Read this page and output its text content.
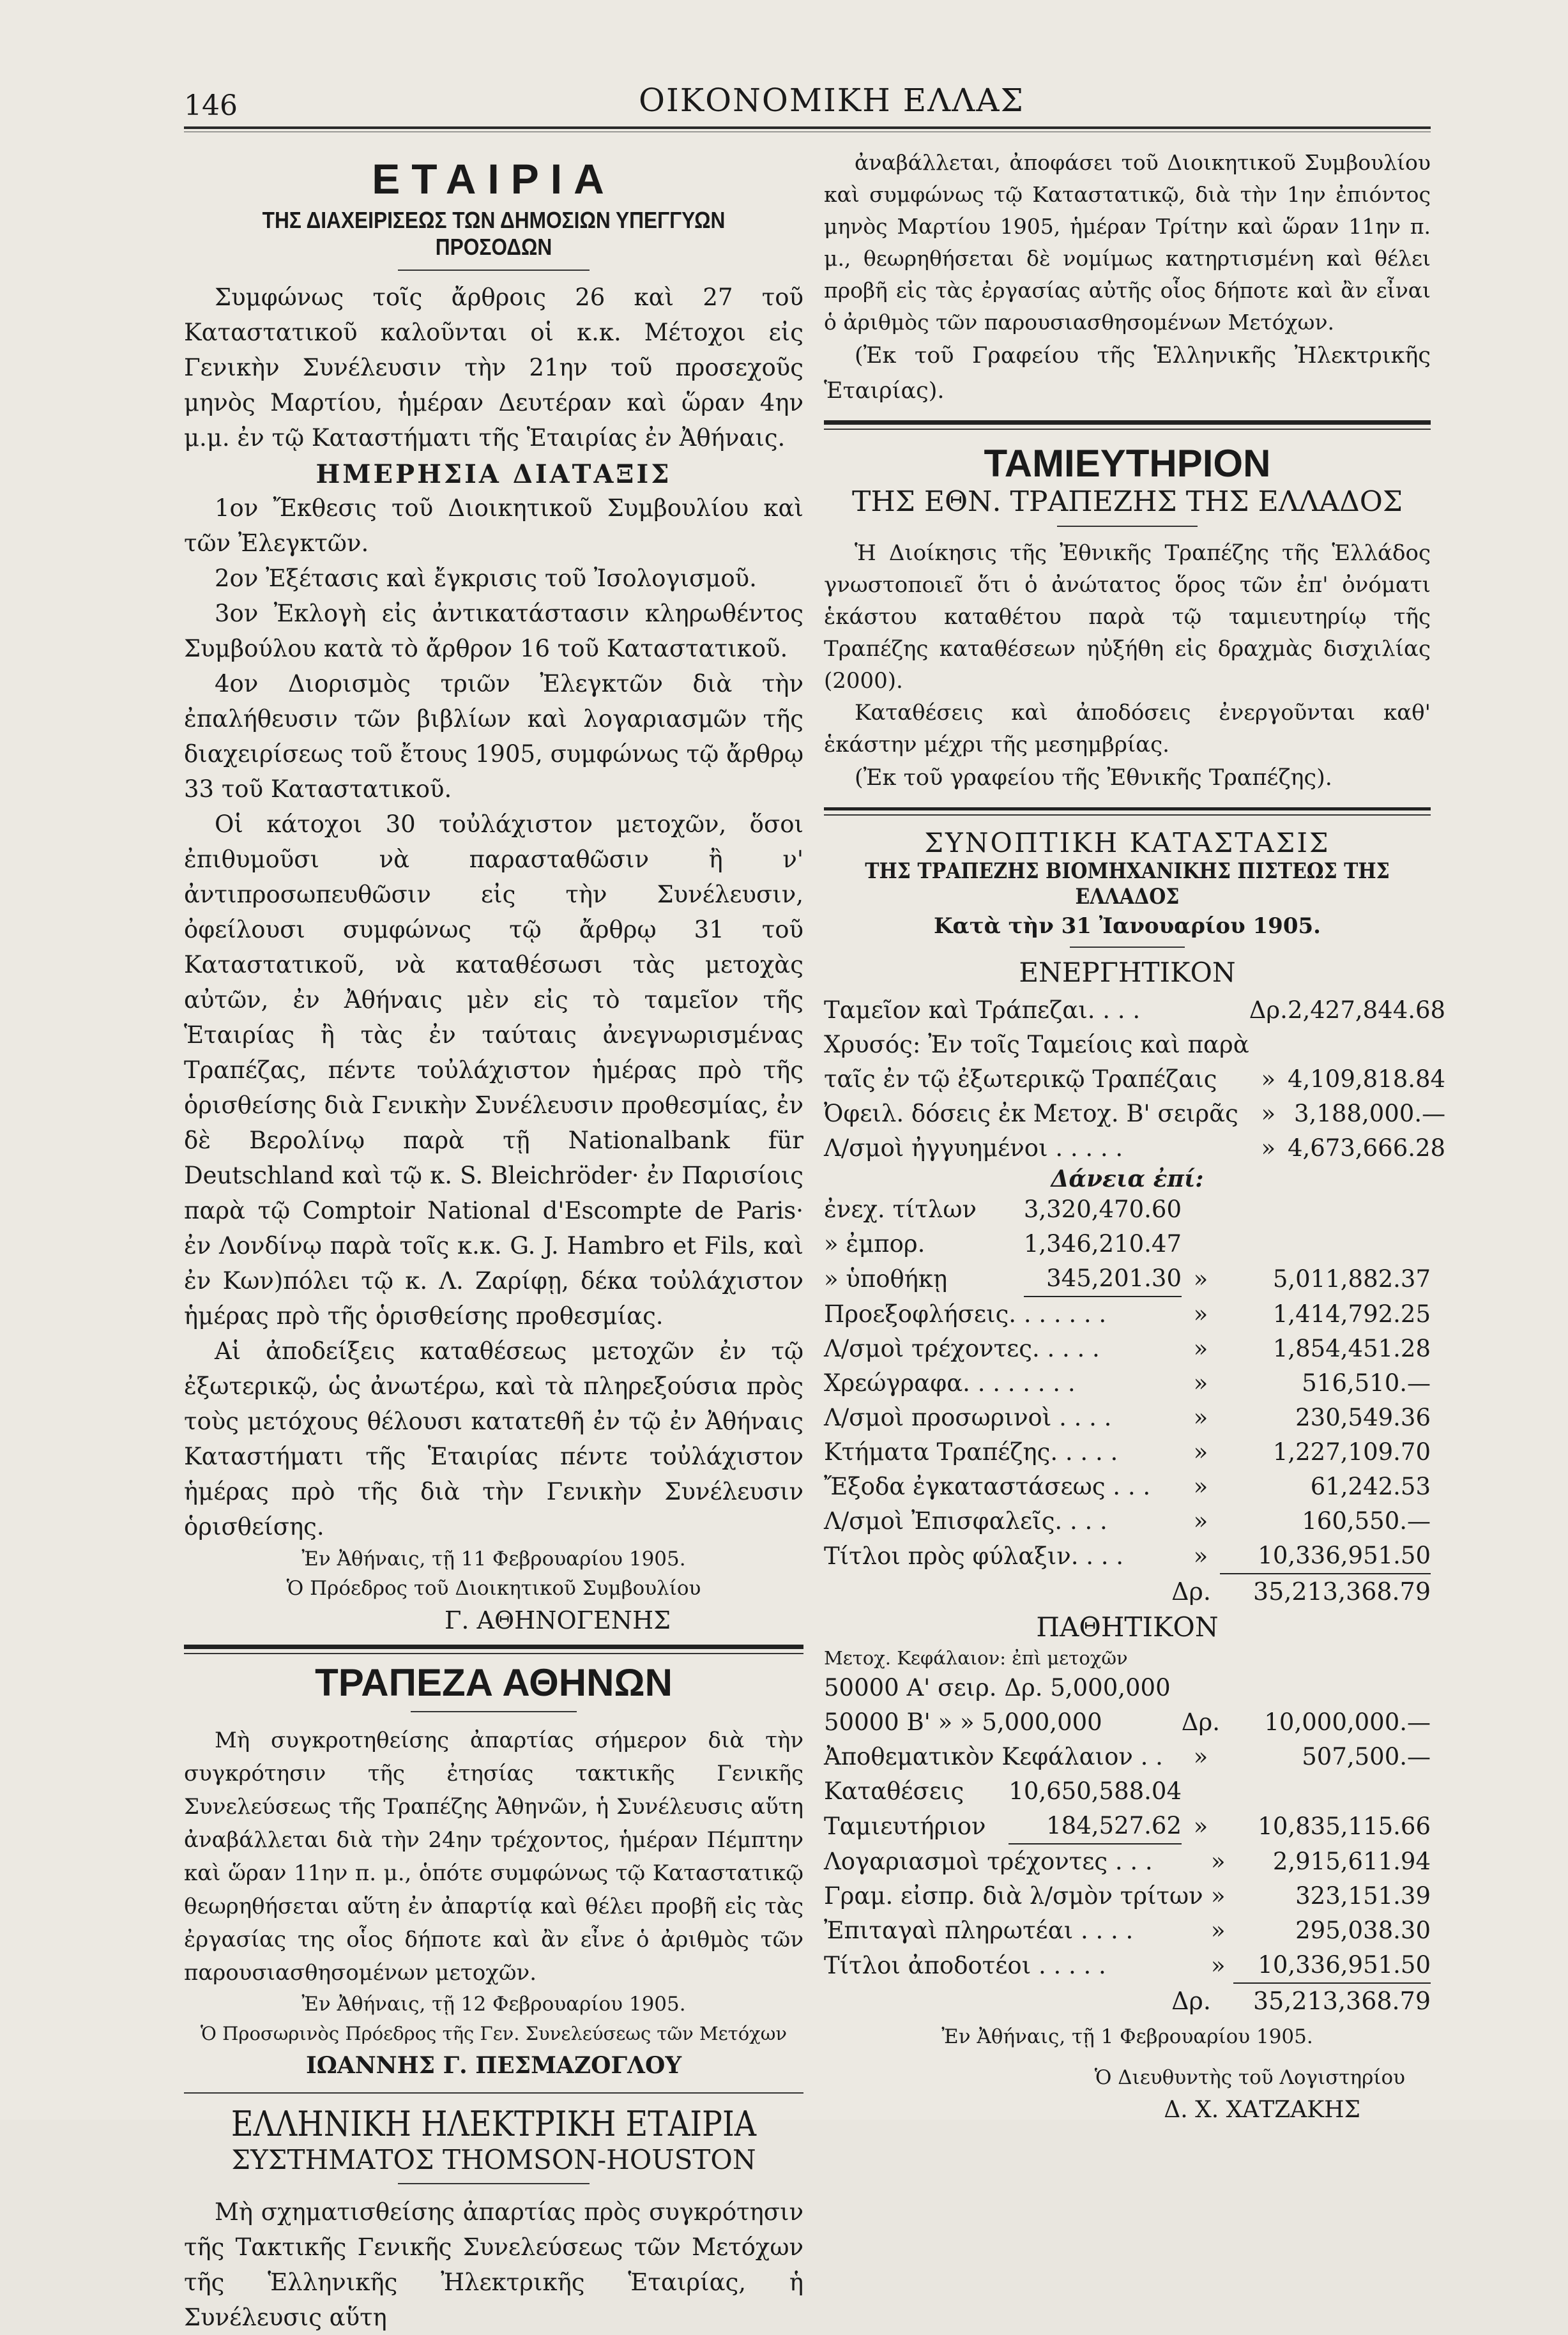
146	ΟΙΚΟΝΟΜΙΚΗ ΕΛΛΑΣ
ΕΤΑΙΡΙΑ
ΤΗΣ ΔΙΑΧΕΙΡΙΣΕΩΣ ΤΩΝ ΔΗΜΟΣΙΩΝ ΥΠΕΓΓΥΩΝ ΠΡΟΣΟΔΩΝ

Συμφώνως τοῖς ἄρθροις 26 καὶ 27 τοῦ Καταστατικοῦ καλοῦνται οἱ κ.κ. Μέτοχοι εἰς Γενικὴν Συνέλευσιν τὴν 21ην τοῦ προσεχοῦς μηνὸς Μαρτίου, ἡμέραν Δευτέραν καὶ ὥραν 4ην μ.μ. ἐν τῷ Καταστήματι τῆς Ἑταιρίας ἐν Ἀθήναις.

ΗΜΕΡΗΣΙΑ ΔΙΑΤΑΞΙΣ

1ον Ἔκθεσις τοῦ Διοικητικοῦ Συμβουλίου καὶ τῶν Ἐλεγκτῶν.

2ον Ἐξέτασις καὶ ἔγκρισις τοῦ Ἰσολογισμοῦ.

3ον Ἐκλογὴ εἰς ἀντικατάστασιν κληρωθέντος Συμβούλου κατὰ τὸ ἄρθρον 16 τοῦ Καταστατικοῦ.

4ον Διορισμὸς τριῶν Ἐλεγκτῶν διὰ τὴν ἐπαλήθευσιν τῶν βιβλίων καὶ λογαριασμῶν τῆς διαχειρίσεως τοῦ ἔτους 1905, συμφώνως τῷ ἄρθρῳ 33 τοῦ Καταστατικοῦ.

Οἱ κάτοχοι 30 τοὐλάχιστον μετοχῶν, ὅσοι ἐπιθυμοῦσι νὰ παρασταθῶσιν ἢ ν' ἀντιπροσωπευθῶσιν εἰς τὴν Συνέλευσιν, ὀφείλουσι συμφώνως τῷ ἄρθρῳ 31 τοῦ Καταστατικοῦ, νὰ καταθέσωσι τὰς μετοχὰς αὐτῶν, ἐν Ἀθήναις μὲν εἰς τὸ ταμεῖον τῆς Ἑταιρίας ἢ τὰς ἐν ταύταις ἀνεγνωρισμένας Τραπέζας, πέντε τοὐλάχιστον ἡμέρας πρὸ τῆς ὁρισθείσης διὰ Γενικὴν Συνέλευσιν προθεσμίας, ἐν δὲ Βερολίνῳ παρὰ τῇ Nationalbank für Deutschland καὶ τῷ κ. S. Bleichröder· ἐν Παρισίοις παρὰ τῷ Comptoir National d'Escompte de Paris· ἐν Λονδίνῳ παρὰ τοῖς κ.κ. G. J. Hambro et Fils, καὶ ἐν Κων)πόλει τῷ κ. Λ. Ζαρίφῃ, δέκα τοὐλάχιστον ἡμέρας πρὸ τῆς ὁρισθείσης προθεσμίας.

Αἱ ἀποδείξεις καταθέσεως μετοχῶν ἐν τῷ ἐξωτερικῷ, ὡς ἀνωτέρω, καὶ τὰ πληρεξούσια πρὸς τοὺς μετόχους θέλουσι κατατεθῆ ἐν τῷ ἐν Ἀθήναις Καταστήματι τῆς Ἑταιρίας πέντε τοὐλάχιστον ἡμέρας πρὸ τῆς διὰ τὴν Γενικὴν Συνέλευσιν ὁρισθείσης.

Ἐν Ἀθήναις, τῇ 11 Φεβρουαρίου 1905.

Ὁ Πρόεδρος τοῦ Διοικητικοῦ Συμβουλίου

Γ. ΑΘΗΝΟΓΕΝΗΣ

ΤΡΑΠΕΖΑ ΑΘΗΝΩΝ

Μὴ συγκροτηθείσης ἀπαρτίας σήμερον διὰ τὴν συγκρότησιν τῆς ἐτησίας τακτικῆς Γενικῆς Συνελεύσεως τῆς Τραπέζης Ἀθηνῶν, ἡ Συνέλευσις αὕτη ἀναβάλλεται διὰ τὴν 24ην τρέχοντος, ἡμέραν Πέμπτην καὶ ὥραν 11ην π. μ., ὁπότε συμφώνως τῷ Καταστατικῷ θεωρηθήσεται αὕτη ἐν ἀπαρτίᾳ καὶ θέλει προβῆ εἰς τὰς ἐργασίας της οἷος δήποτε καὶ ἂν εἶνε ὁ ἀριθμὸς τῶν παρουσιασθησομένων μετοχῶν.

Ἐν Ἀθήναις, τῇ 12 Φεβρουαρίου 1905.

Ὁ Προσωρινὸς Πρόεδρος τῆς Γεν. Συνελεύσεως τῶν Μετόχων

ΙΩΑΝΝΗΣ Γ. ΠΕΣΜΑΖΟΓΛΟΥ

ΕΛΛΗΝΙΚΗ ΗΛΕΚΤΡΙΚΗ ΕΤΑΙΡΙΑ
ΣΥΣΤΗΜΑΤΟΣ THOMSON-HOUSTON

Μὴ σχηματισθείσης ἀπαρτίας πρὸς συγκρότησιν τῆς Τακτικῆς Γενικῆς Συνελεύσεως τῶν Μετόχων τῆς Ἑλληνικῆς Ἠλεκτρικῆς Ἑταιρίας, ἡ Συνέλευσις αὕτη

ἀναβάλλεται, ἀποφάσει τοῦ Διοικητικοῦ Συμβουλίου καὶ συμφώνως τῷ Καταστατικῷ, διὰ τὴν 1ην ἐπιόντος μηνὸς Μαρτίου 1905, ἡμέραν Τρίτην καὶ ὥραν 11ην π. μ., θεωρηθήσεται δὲ νομίμως κατηρτισμένη καὶ θέλει προβῆ εἰς τὰς ἐργασίας αὐτῆς οἷος δήποτε καὶ ἂν εἶναι ὁ ἀριθμὸς τῶν παρουσιασθησομένων Μετόχων.

(Ἐκ τοῦ Γραφείου τῆς Ἑλληνικῆς Ἠλεκτρικῆς Ἑταιρίας).

ΤΑΜΙΕΥΤΗΡΙΟΝ
ΤΗΣ ΕΘΝ. ΤΡΑΠΕΖΗΣ ΤΗΣ ΕΛΛΑΔΟΣ

Ἡ Διοίκησις τῆς Ἐθνικῆς Τραπέζης τῆς Ἑλλάδος γνωστοποιεῖ ὅτι ὁ ἀνώτατος ὅρος τῶν ἐπ' ὀνόματι ἑκάστου καταθέτου παρὰ τῷ ταμιευτηρίῳ τῆς Τραπέζης καταθέσεων ηὐξήθη εἰς δραχμὰς δισχιλίας (2000).

Καταθέσεις καὶ ἀποδόσεις ἐνεργοῦνται καθ' ἑκάστην μέχρι τῆς μεσημβρίας.

(Ἐκ τοῦ γραφείου τῆς Ἐθνικῆς Τραπέζης).

ΣΥΝΟΠΤΙΚΗ ΚΑΤΑΣΤΑΣΙΣ
ΤΗΣ ΤΡΑΠΕΖΗΣ ΒΙΟΜΗΧΑΝΙΚΗΣ ΠΙΣΤΕΩΣ ΤΗΣ ΕΛΛΑΔΟΣ
Κατὰ τὴν 31 Ἰανουαρίου 1905.
ΕΝΕΡΓΗΤΙΚΟΝ
Ταμεῖον καὶ Τράπεζαι. . . .	Δρ.	2,427,844.68
Χρυσός: Ἐν τοῖς Ταμείοις καὶ παρὰ		
ταῖς ἐν τῷ ἐξωτερικῷ Τραπέζαις	»	4,109,818.84
Ὀφειλ. δόσεις ἐκ Μετοχ. Β' σειρᾶς	»	3,188,000.—
Λ/σμοὶ ἠγγυημένοι . . . . .	»	4,673,666.28
Δάνεια ἐπί:
ἐνεχ. τίτλων	3,320,470.60		
» ἐμπορ.	1,346,210.47		
» ὑποθήκῃ	345,201.30	»	5,011,882.37
Προεξοφλήσεις. . . . . . .	»	1,414,792.25
Λ/σμοὶ τρέχοντες. . . . .	»	1,854,451.28
Χρεώγραφα. . . . . . . .	»	516,510.—
Λ/σμοὶ προσωρινοὶ . . . .	»	230,549.36
Κτήματα Τραπέζης. . . . .	»	1,227,109.70
Ἔξοδα ἐγκαταστάσεως . . .	»	61,242.53
Λ/σμοὶ Ἐπισφαλεῖς. . . .	»	160,550.—
Τίτλοι πρὸς φύλαξιν. . . .	»	10,336,951.50
	Δρ.	35,213,368.79
ΠΑΘΗΤΙΚΟΝ

Μετοχ. Κεφάλαιον: ἐπὶ μετοχῶν

50000 Α' σειρ. Δρ. 5,000,000		
50000 Β' » » 5,000,000	Δρ.	10,000,000.—
Ἀποθεματικὸν Κεφάλαιον . .	»	507,500.—
Καταθέσεις	10,650,588.04		
Ταμιευτήριον	184,527.62	»	10,835,115.66
Λογαριασμοὶ τρέχοντες . . .	»	2,915,611.94
Γραμ. εἰσπρ. διὰ λ/σμὸν τρίτων	»	323,151.39
Ἐπιταγαὶ πληρωτέαι . . . .	»	295,038.30
Τίτλοι ἀποδοτέοι . . . . .	»	10,336,951.50
	Δρ.	35,213,368.79

Ἐν Ἀθήναις, τῇ 1 Φεβρουαρίου 1905.

Ὁ Διευθυντὴς τοῦ Λογιστηρίου

Δ. Χ. ΧΑΤΖΑΚΗΣ
